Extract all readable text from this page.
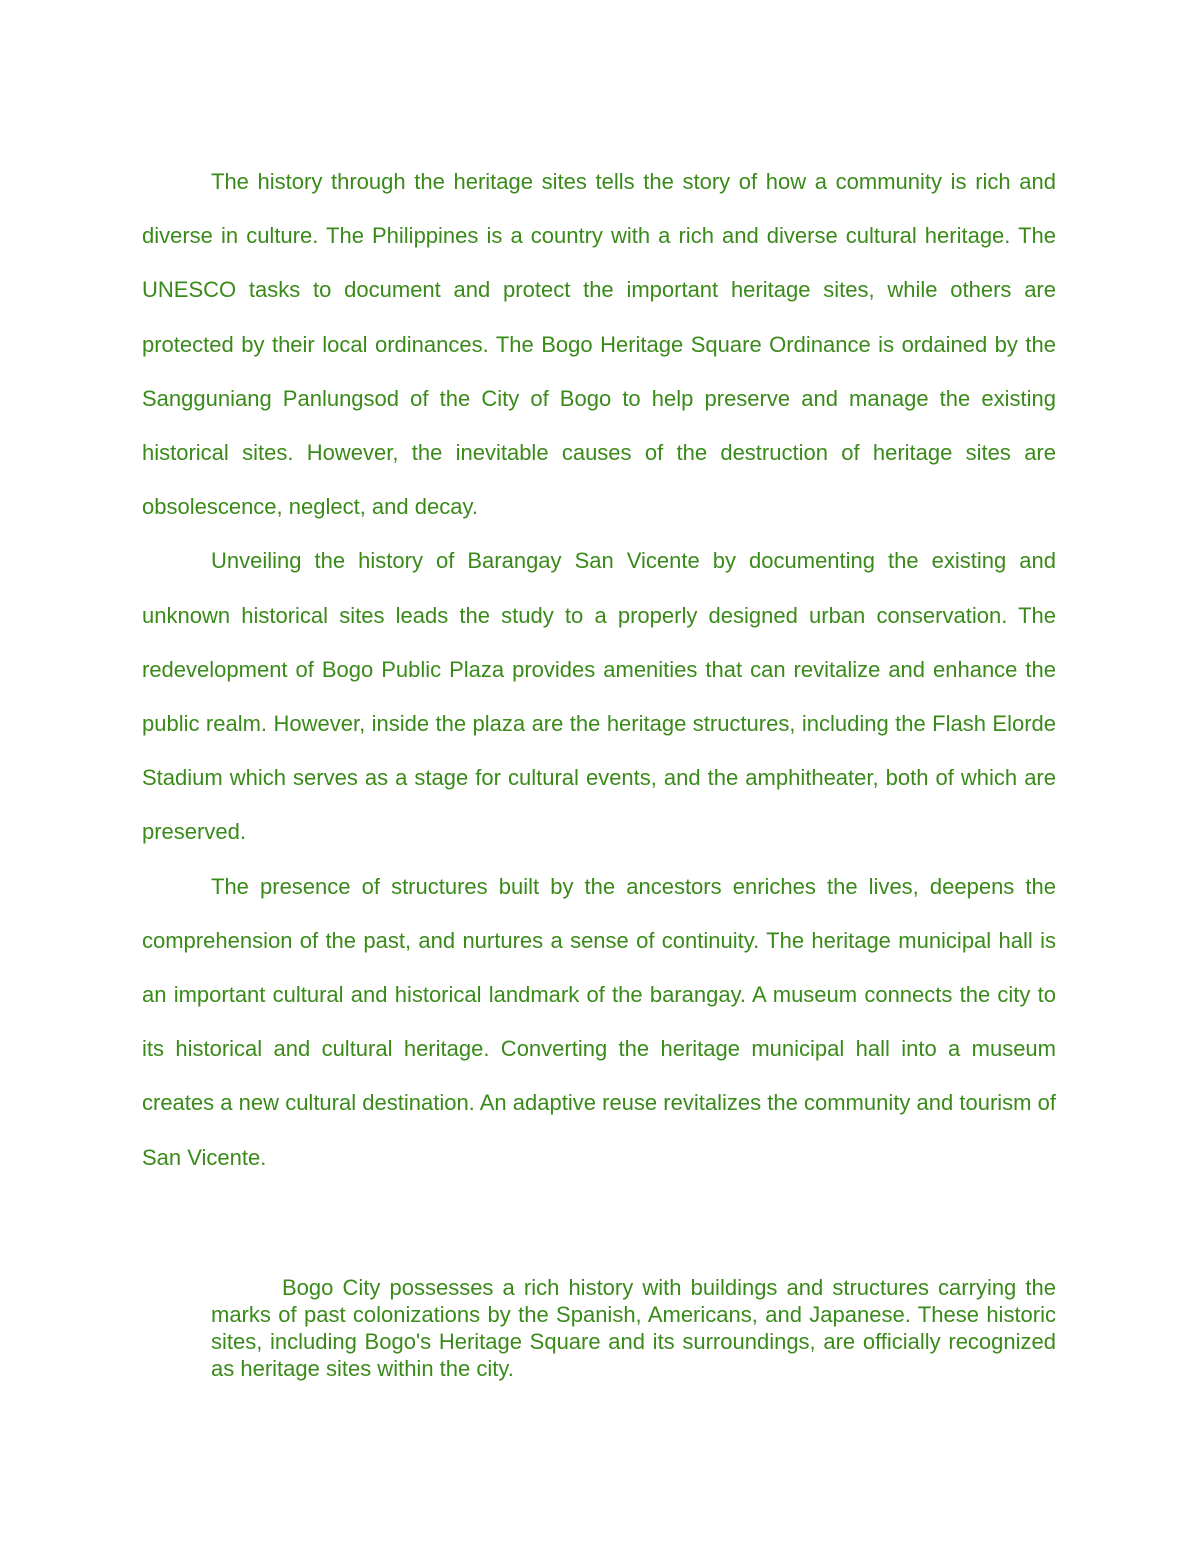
The history through the heritage sites tells the story of how a community is rich and diverse in culture. The Philippines is a country with a rich and diverse cultural heritage. The UNESCO tasks to document and protect the important heritage sites, while others are protected by their local ordinances. The Bogo Heritage Square Ordinance is ordained by the Sangguniang Panlungsod of the City of Bogo to help preserve and manage the existing historical sites. However, the inevitable causes of the destruction of heritage sites are obsolescence, neglect, and decay.

Unveiling the history of Barangay San Vicente by documenting the existing and unknown historical sites leads the study to a properly designed urban conservation. The redevelopment of Bogo Public Plaza provides amenities that can revitalize and enhance the public realm. However, inside the plaza are the heritage structures, including the Flash Elorde Stadium which serves as a stage for cultural events, and the amphitheater, both of which are preserved.

The presence of structures built by the ancestors enriches the lives, deepens the comprehension of the past, and nurtures a sense of continuity. The heritage municipal hall is an important cultural and historical landmark of the barangay. A museum connects the city to its historical and cultural heritage. Converting the heritage municipal hall into a museum creates a new cultural destination. An adaptive reuse revitalizes the community and tourism of San Vicente.

Bogo City possesses a rich history with buildings and structures carrying the marks of past colonizations by the Spanish, Americans, and Japanese. These historic sites, including Bogo's Heritage Square and its surroundings, are officially recognized as heritage sites within the city.
